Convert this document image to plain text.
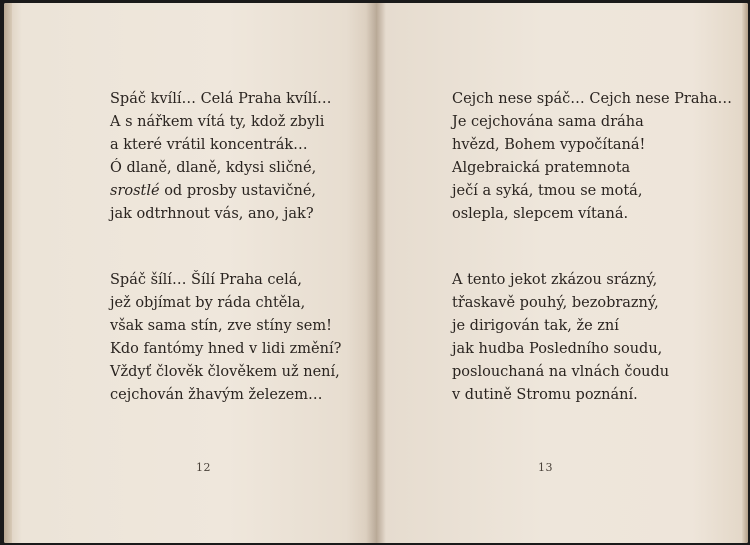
Spáč kvílí… Celá Praha kvílí…
A s nářkem vítá ty, kdož zbyli
a které vrátil koncentrák…
Ó dlaně, dlaně, kdysi sličné,
srostlé od prosby ustavičné,
jak odtrhnout vás, ano, jak?
Spáč šílí… Šílí Praha celá,
jež objímat by ráda chtěla,
však sama stín, zve stíny sem!
Kdo fantómy hned v lidi změní?
Vždyť člověk člověkem už není,
cejchován žhavým železem…
12
Cejch nese spáč… Cejch nese Praha…
Je cejchována sama dráha
hvězd, Bohem vypočítaná!
Algebraická pratemnota
ječí a syká, tmou se motá,
oslepla, slepcem vítaná.
A tento jekot zkázou srázný,
třaskavě pouhý, bezobrazný,
je dirigován tak, že zní
jak hudba Posledního soudu,
poslouchaná na vlnách čoudu
v dutině Stromu poznání.
13
